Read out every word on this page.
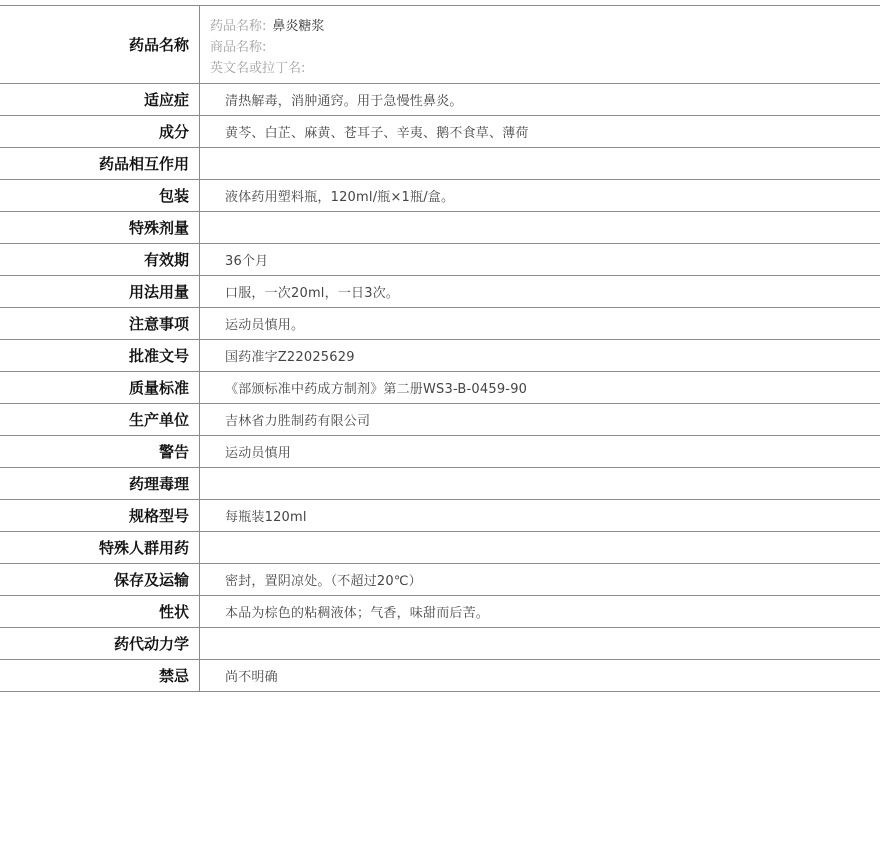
药品名称
药品名称: 鼻炎糖浆
商品名称:
英文名或拉丁名:
适应症	清热解毒，消肿通窍。用于急慢性鼻炎。
成分	黄芩、白芷、麻黄、苍耳子、辛夷、鹅不食草、薄荷
药品相互作用
包装	液体药用塑料瓶，120ml/瓶×1瓶/盒。
特殊剂量
有效期	36个月
用法用量	口服，一次20ml，一日3次。
注意事项	运动员慎用。
批准文号	国药准字Z22025629
质量标准	《部颁标准中药成方制剂》第二册WS3-B-0459-90
生产单位	吉林省力胜制药有限公司
警告	运动员慎用
药理毒理
规格型号	每瓶装120ml
特殊人群用药
保存及运输	密封，置阴凉处。（不超过20℃）
性状	本品为棕色的粘稠液体；气香，味甜而后苦。
药代动力学
禁忌	尚不明确
